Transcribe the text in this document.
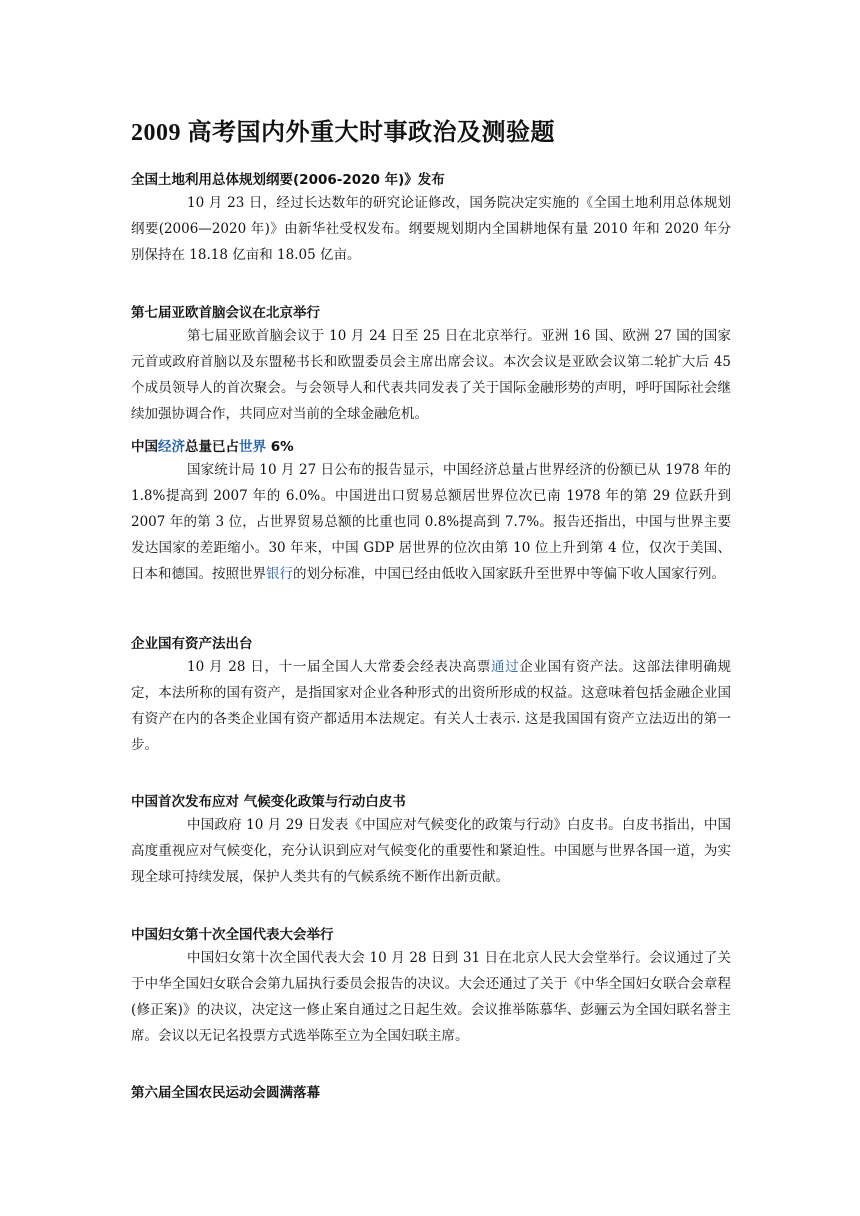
2009 高考国内外重大时事政治及测验题

全国土地利用总体规划纲要(2006-2020 年)》发布

10 月 23 日，经过长达数年的研究论证修改，国务院决定实施的《全国土地利用总体规划纲要(2006—2020 年)》由新华社受权发布。纲要规划期内全国耕地保有量 2010 年和 2020 年分别保持在 18.18 亿亩和 18.05 亿亩。

第七届亚欧首脑会议在北京举行

第七届亚欧首脑会议于 10 月 24 日至 25 日在北京举行。亚洲 16 国、欧洲 27 国的国家元首或政府首脑以及东盟秘书长和欧盟委员会主席出席会议。本次会议是亚欧会议第二轮扩大后 45 个成员领导人的首次聚会。与会领导人和代表共同发表了关于国际金融形势的声明，呼吁国际社会继续加强协调合作，共同应对当前的全球金融危机。

中国经济总量已占世界 6%

国家统计局 10 月 27 日公布的报告显示，中国经济总量占世界经济的份额已从 1978 年的 1.8%提高到 2007 年的 6.0%。中国进出口贸易总额居世界位次已南 1978 年的第 29 位跃升到 2007 年的第 3 位，占世界贸易总额的比重也同 0.8%提高到 7.7%。报告还指出，中国与世界主要发达国家的差距缩小。30 年来，中国 GDP 居世界的位次由第 10 位上升到第 4 位，仅次于美国、日本和德国。按照世界银行的划分标准，中国已经由低收入国家跃升至世界中等偏下收人国家行列。

企业国有资产法出台

10 月 28 日，十一届全国人大常委会经表决高票通过企业国有资产法。这部法律明确规定，本法所称的国有资产，是指国家对企业各种形式的出资所形成的权益。这意味着包括金融企业国有资产在内的各类企业国有资产都适用本法规定。有关人士表示. 这是我国国有资产立法迈出的第一步。

中国首次发布应对 气候变化政策与行动白皮书

中国政府 10 月 29 日发表《中国应对气候变化的政策与行动》白皮书。白皮书指出，中国高度重视应对气候变化，充分认识到应对气候变化的重要性和紧迫性。中国愿与世界各国一道，为实现全球可持续发展，保护人类共有的气候系统不断作出新贡献。

中国妇女第十次全国代表大会举行

中国妇女第十次全国代表大会 10 月 28 日到 31 日在北京人民大会堂举行。会议通过了关于中华全国妇女联合会第九届执行委员会报告的决议。大会还通过了关于《中华全国妇女联合会章程(修正案)》的决议，决定这一修止案自通过之日起生效。会议推举陈慕华、彭骊云为全国妇联名誉主席。会议以无记名投票方式选举陈至立为全国妇联主席。

第六届全国农民运动会圆满落幕
